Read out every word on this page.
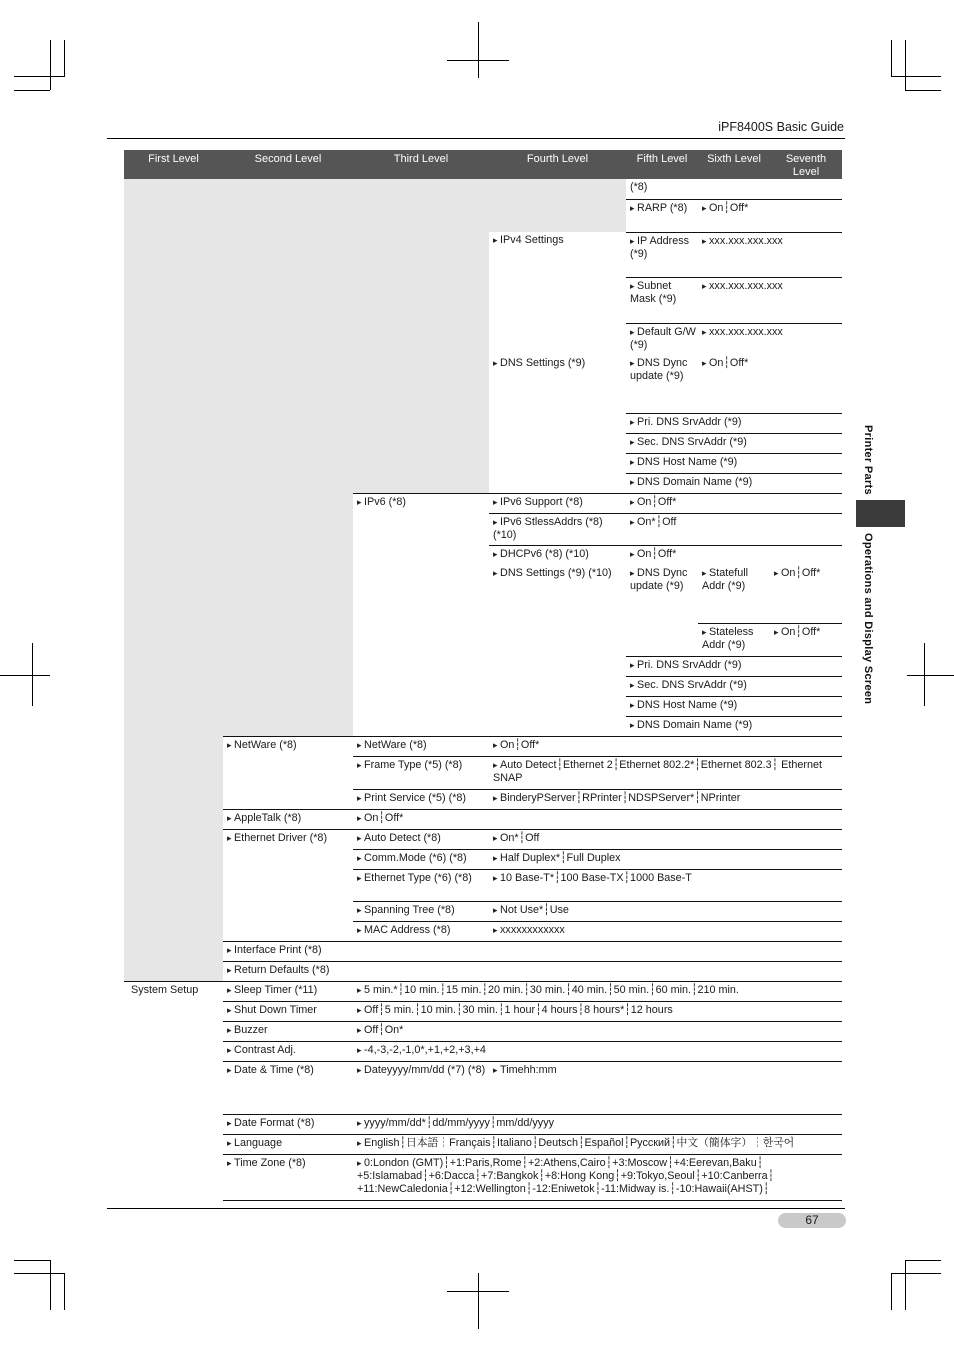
iPF8400S Basic Guide
Printer Parts
Operations and Display Screen
First Level	Second Level	Third Level	Fourth Level	Fifth Level	Sixth Level	Seventh Level
				(*8)		
				▸ RARP (*8)	▸ On┆Off*	
			▸ IPv4 Settings	▸ IP Address (*9)	▸ xxx.xxx.xxx.xxx	
				▸ Subnet Mask (*9)	▸ xxx.xxx.xxx.xxx	
				▸ Default G/W (*9)	▸ xxx.xxx.xxx.xxx	
			▸ DNS Settings (*9)	▸ DNS Dync update (*9)	▸ On┆Off*	
				▸ Pri. DNS SrvAddr (*9)
				▸ Sec. DNS SrvAddr (*9)
				▸ DNS Host Name (*9)
				▸ DNS Domain Name (*9)
		▸ IPv6 (*8)	▸ IPv6 Support (*8)	▸ On┆Off*
			▸ IPv6 StlessAddrs (*8) (*10)	▸ On*┆Off
			▸ DHCPv6 (*8) (*10)	▸ On┆Off*
			▸ DNS Settings (*9) (*10)	▸ DNS Dync update (*9)	▸ Statefull Addr (*9)	▸ On┆Off*
					▸ Stateless Addr (*9)	▸ On┆Off*
				▸ Pri. DNS SrvAddr (*9)
				▸ Sec. DNS SrvAddr (*9)
				▸ DNS Host Name (*9)
				▸ DNS Domain Name (*9)
	▸ NetWare (*8)	▸ NetWare (*8)	▸ On┆Off*
		▸ Frame Type (*5) (*8)	▸ Auto Detect┆Ethernet 2┆Ethernet 802.2*┆Ethernet 802.3┆ Ethernet SNAP
		▸ Print Service (*5) (*8)	▸ BinderyPServer┆RPrinter┆NDSPServer*┆NPrinter
	▸ AppleTalk (*8)	▸ On┆Off*
	▸ Ethernet Driver (*8)	▸ Auto Detect (*8)	▸ On*┆Off
		▸ Comm.Mode (*6) (*8)	▸ Half Duplex*┆Full Duplex
		▸ Ethernet Type (*6) (*8)	▸ 10 Base-T*┆100 Base-TX┆1000 Base-T
		▸ Spanning Tree (*8)	▸ Not Use*┆Use
		▸ MAC Address (*8)	▸ xxxxxxxxxxxx
	▸ Interface Print (*8)
	▸ Return Defaults (*8)
System Setup	▸ Sleep Timer (*11)	▸ 5 min.*┆10 min.┆15 min.┆20 min.┆30 min.┆40 min.┆50 min.┆60 min.┆210 min.
	▸ Shut Down Timer	▸ Off┆5 min.┆10 min.┆30 min.┆1 hour┆4 hours┆8 hours*┆12 hours
	▸ Buzzer	▸ Off┆On*
	▸ Contrast Adj.	▸ -4,-3,-2,-1,0*,+1,+2,+3,+4
	▸ Date & Time (*8)	▸ Dateyyyy/mm/dd (*7) (*8)	▸ Timehh:mm
	▸ Date Format (*8)	▸ yyyy/mm/dd*┆dd/mm/yyyy┆mm/dd/yyyy
	▸ Language	▸ English┆日本語┆Français┆Italiano┆Deutsch┆Español┆Русский┆中文（簡体字）┆한국어
	▸ Time Zone (*8)	▸ 0:London (GMT)┆+1:Paris,Rome┆+2:Athens,Cairo┆+3:Moscow┆+4:Eerevan,Baku┆ +5:Islamabad┆+6:Dacca┆+7:Bangkok┆+8:Hong Kong┆+9:Tokyo,Seoul┆+10:Canberra┆ +11:NewCaledonia┆+12:Wellington┆-12:Eniwetok┆-11:Midway is.┆-10:Hawaii(AHST)┆
67
